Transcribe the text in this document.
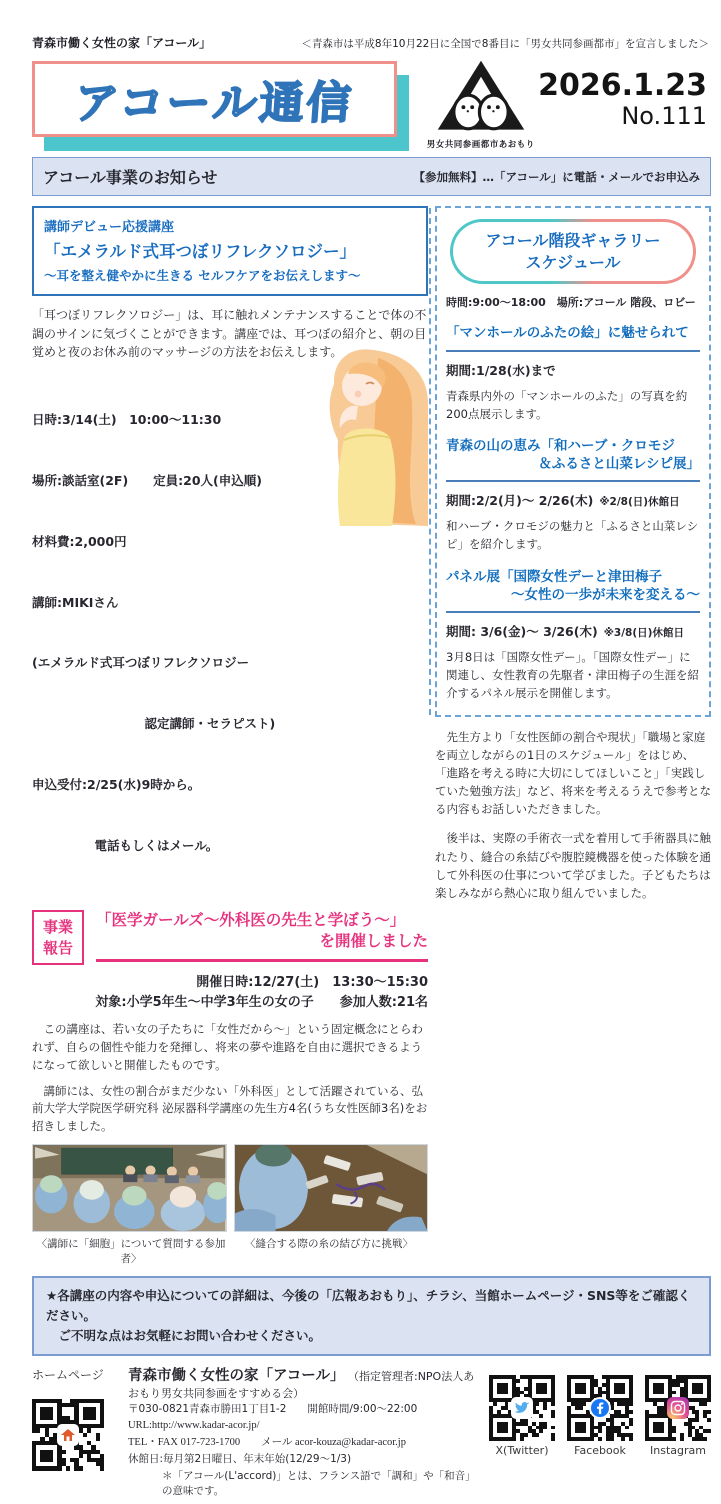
青森市働く女性の家「アコール」	＜青森市は平成8年10月22日に全国で8番目に「男女共同参画都市」を宣言しました＞
アコール通信
男女共同参画都市あおもり
2026.1.23
No.111
アコール事業のお知らせ	【参加無料】…「アコール」に電話・メールでお申込み
講師デビュー応援講座
「エメラルド式耳つぼリフレクソロジー」
～耳を整え健やかに生きる セルフケアをお伝えします～
「耳つぼリフレクソロジー」は、耳に触れメンテナンスすることで体の不調のサインに気づくことができます。講座では、耳つぼの紹介と、朝の目覚めと夜のお休み前のマッサージの方法をお伝えします。

日時:3/14(土)　10:00～11:30

場所:談話室(2F)　　定員:20人(申込順)

材料費:2,000円

講師:MIKIさん

(エメラルド式耳つぼリフレクソロジー

　　　　　　　　　認定講師・セラピスト)

申込受付:2/25(水)9時から。

　　　　　電話もしくはメール。

事業
報告
「医学ガールズ～外科医の先生と学ぼう～」
を開催しました
開催日時:12/27(土)　13:30～15:30
対象:小学5年生～中学3年生の女の子　　参加人数:21名
　この講座は、若い女の子たちに「女性だから～」という固定概念にとらわれず、自らの個性や能力を発揮し、将来の夢や進路を自由に選択できるようになって欲しいと開催したものです。
　講師には、女性の割合がまだ少ない「外科医」として活躍されている、弘前大学大学院医学研究科 泌尿器科学講座の先生方4名(うち女性医師3名)をお招きしました。
〈講師に「細胞」について質問する参加者〉
〈縫合する際の糸の結び方に挑戦〉
アコール階段ギャラリー
スケジュール
時間:9:00～18:00　場所:アコール 階段、ロビー
「マンホールのふたの絵」に魅せられて
期間:1/28(水)まで
青森県内外の「マンホールのふた」の写真を約200点展示します。
青森の山の恵み「和ハーブ・クロモジ
＆ふるさと山菜レシピ展」
期間:2/2(月)～ 2/26(木) ※2/8(日)休館日
和ハーブ・クロモジの魅力と「ふるさと山菜レシピ」を紹介します。
パネル展「国際女性デーと津田梅子
～女性の一歩が未来を変える～
期間: 3/6(金)～ 3/26(木) ※3/8(日)休館日
3月8日は「国際女性デー」。「国際女性デー」に関連し、女性教育の先駆者・津田梅子の生涯を紹介するパネル展示を開催します。
　先生方より「女性医師の割合や現状」「職場と家庭を両立しながらの1日のスケジュール」をはじめ、「進路を考える時に大切にしてほしいこと」「実践していた勉強方法」など、将来を考えるうえで参考となる内容もお話しいただきました。
　後半は、実際の手術衣一式を着用して手術器具に触れたり、縫合の糸結びや腹腔鏡機器を使った体験を通して外科医の仕事について学びました。子どもたちは楽しみながら熱心に取り組んでいました。
★各講座の内容や申込についての詳細は、今後の「広報あおもり」、チラシ、当館ホームページ・SNS等をご確認ください。
　ご不明な点はお気軽にお問い合わせください。
ホームページ	青森市働く女性の家「アコール」 （指定管理者:NPO法人あおもり男女共同参画をすすめる会）
〒030-0821青森市勝田1丁目1-2　　開館時間/9:00～22:00
URL:http://www.kadar-acor.jp/
TEL・FAX 017-723-1700　　メール acor-kouza@kadar-acor.jp
休館日:毎月第2日曜日、年末年始(12/29～1/3)
＊「アコール(L'accord)」とは、フランス語で「調和」や「和音」の意味です。
X(Twitter)	Facebook	Instagram
